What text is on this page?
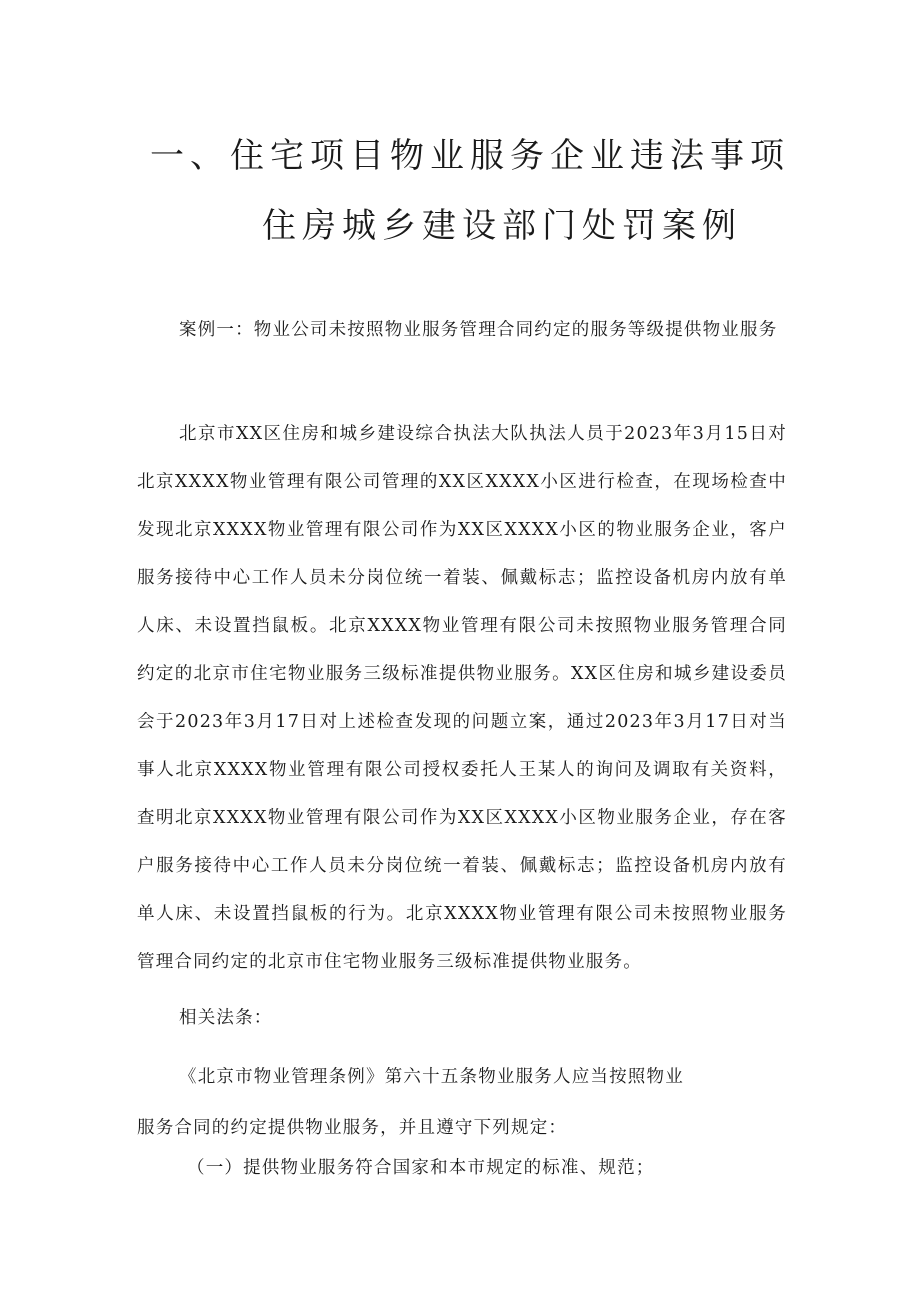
一、住宅项目物业服务企业违法事项
住房城乡建设部门处罚案例

案例一：物业公司未按照物业服务管理合同约定的服务等级提供物业服务

北京市XX区住房和城乡建设综合执法大队执法人员于2023年3月15日对北京XXXX物业管理有限公司管理的XX区XXXX小区进行检查，在现场检查中发现北京XXXX物业管理有限公司作为XX区XXXX小区的物业服务企业，客户服务接待中心工作人员未分岗位统一着装、佩戴标志；监控设备机房内放有单人床、未设置挡鼠板。北京XXXX物业管理有限公司未按照物业服务管理合同约定的北京市住宅物业服务三级标准提供物业服务。XX区住房和城乡建设委员会于2023年3月17日对上述检查发现的问题立案，通过2023年3月17日对当事人北京XXXX物业管理有限公司授权委托人王某人的询问及调取有关资料，查明北京XXXX物业管理有限公司作为XX区XXXX小区物业服务企业，存在客户服务接待中心工作人员未分岗位统一着装、佩戴标志；监控设备机房内放有单人床、未设置挡鼠板的行为。北京XXXX物业管理有限公司未按照物业服务管理合同约定的北京市住宅物业服务三级标准提供物业服务。

相关法条：

《北京市物业管理条例》第六十五条物业服务人应当按照物业

服务合同的约定提供物业服务，并且遵守下列规定：

（一）提供物业服务符合国家和本市规定的标准、规范；
